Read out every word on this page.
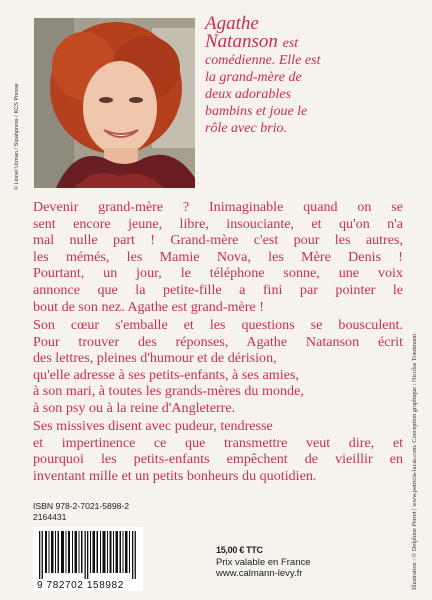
© Lionel Urman / Sipahpress / KCS Presse
Agathe
Natanson est
comédienne. Elle est
la grand-mère de
deux adorables
bambins et joue le
rôle avec brio.
Devenir grand-mère ? Inimaginable quand on se
sent encore jeune, libre, insouciante, et qu'on n'a
mal nulle part ! Grand-mère c'est pour les autres,
les mémés, les Mamie Nova, les Mère Denis !
Pourtant, un jour, le téléphone sonne, une voix
annonce que la petite-fille a fini par pointer le
bout de son nez. Agathe est grand-mère !
Son cœur s'emballe et les questions se bousculent.
Pour trouver des réponses, Agathe Natanson écrit
des lettres, pleines d'humour et de dérision,
qu'elle adresse à ses petits-enfants, à ses amies,
à son mari, à toutes les grands-mères du monde,
à son psy ou à la reine d'Angleterre.
Ses missives disent avec pudeur, tendresse
et impertinence ce que transmettre veut dire, et
pourquoi les petits-enfants empêchent de vieillir en
inventant mille et un petits bonheurs du quotidien.
ISBN 978-2-7021-5898-2
2164431
9 782702 158982
15,00 € TTC
Prix valable en France
www.calmann-levy.fr	Illustration : © Delphine Perret | www.patricia-lucas.com. Conception graphique : Nicolas Trautmann
